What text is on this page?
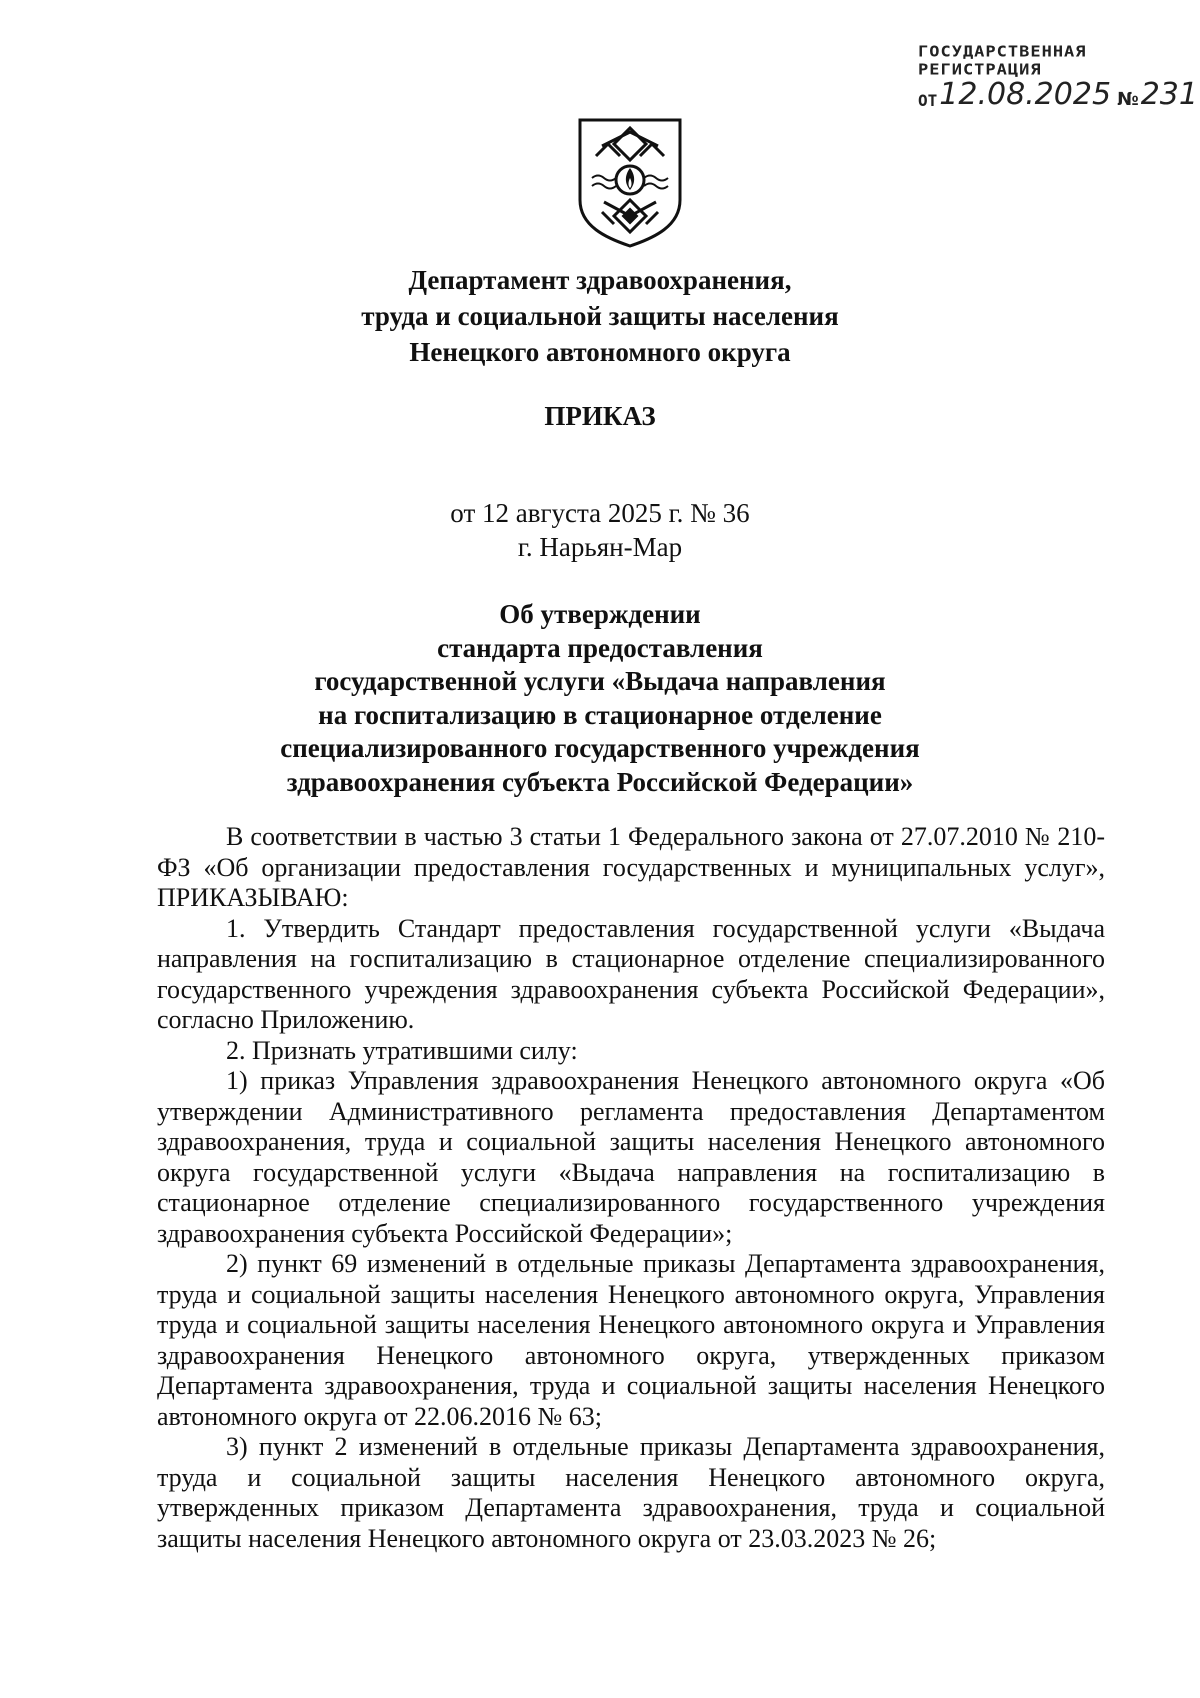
ГОСУДАРСТВЕННАЯ
РЕГИСТРАЦИЯ
ОТ 12.08.2025 № 231
Департамент здравоохранения,
труда и социальной защиты населения
Ненецкого автономного округа
ПРИКАЗ
от 12 августа 2025 г. № 36
г. Нарьян-Мар
Об утверждении
стандарта предоставления
государственной услуги «Выдача направления
на госпитализацию в стационарное отделение
специализированного государственного учреждения
здравоохранения субъекта Российской Федерации»

В соответствии в частью 3 статьи 1 Федерального закона от 27.07.2010 № 210-ФЗ «Об организации предоставления государственных и муниципальных услуг», ПРИКАЗЫВАЮ:

1. Утвердить Стандарт предоставления государственной услуги «Выдача направления на госпитализацию в стационарное отделение специализированного государственного учреждения здравоохранения субъекта Российской Федерации», согласно Приложению.

2. Признать утратившими силу:

1) приказ Управления здравоохранения Ненецкого автономного округа «Об утверждении Административного регламента предоставления Департаментом здравоохранения, труда и социальной защиты населения Ненецкого автономного округа государственной услуги «Выдача направления на госпитализацию в стационарное отделение специализированного государственного учреждения здравоохранения субъекта Российской Федерации»;

2) пункт 69 изменений в отдельные приказы Департамента здравоохранения, труда и социальной защиты населения Ненецкого автономного округа, Управления труда и социальной защиты населения Ненецкого автономного округа и Управления здравоохранения Ненецкого автономного округа, утвержденных приказом Департамента здравоохранения, труда и социальной защиты населения Ненецкого автономного округа от 22.06.2016 № 63;

3) пункт 2 изменений в отдельные приказы Департамента здравоохранения, труда и социальной защиты населения Ненецкого автономного округа, утвержденных приказом Департамента здравоохранения, труда и социальной защиты населения Ненецкого автономного округа от 23.03.2023 № 26;
